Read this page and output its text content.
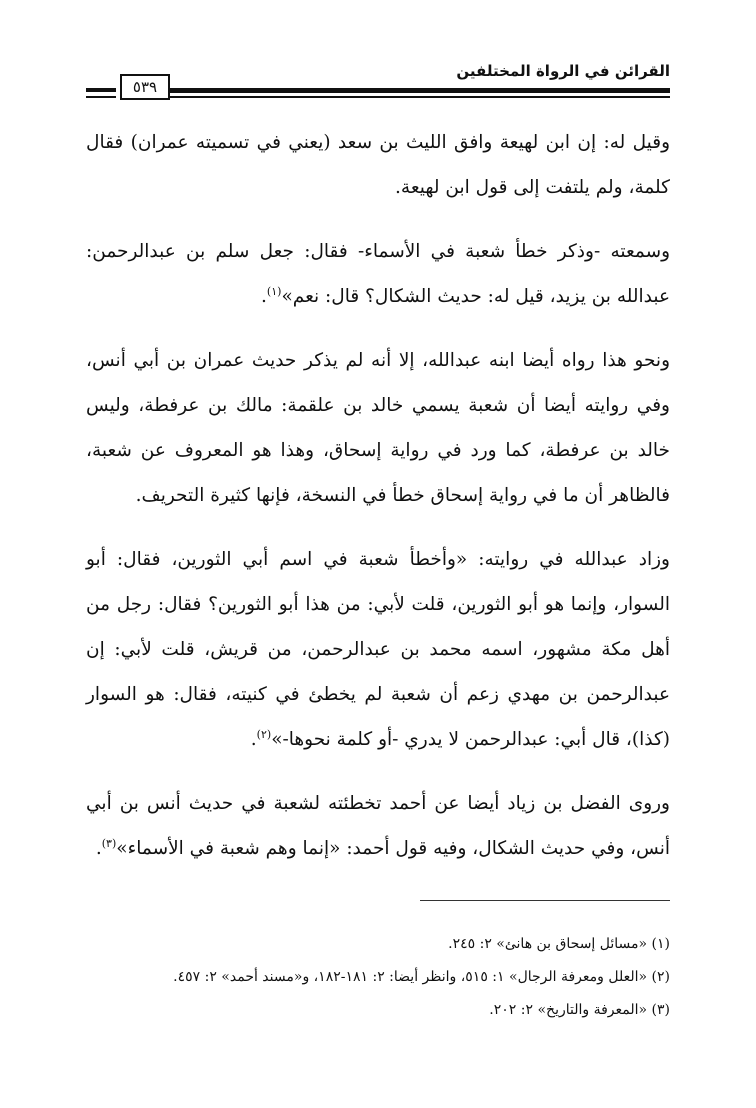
القرائن في الرواة المختلفين
٥٣٩

وقيل له: إن ابن لهيعة وافق الليث بن سعد (يعني في تسميته عمران) فقال كلمة، ولم يلتفت إلى قول ابن لهيعة.

وسمعته -وذكر خطأ شعبة في الأسماء- فقال: جعل سلم بن عبدالرحمن: عبدالله بن يزيد، قيل له: حديث الشكال؟ قال: نعم»$^{(١)}$.

ونحو هذا رواه أيضا ابنه عبدالله، إلا أنه لم يذكر حديث عمران بن أبي أنس، وفي روايته أيضا أن شعبة يسمي خالد بن علقمة: مالك بن عرفطة، وليس خالد بن عرفطة، كما ورد في رواية إسحاق، وهذا هو المعروف عن شعبة، فالظاهر أن ما في رواية إسحاق خطأ في النسخة، فإنها كثيرة التحريف.

وزاد عبدالله في روايته: «وأخطأ شعبة في اسم أبي الثورين، فقال: أبو السوار، وإنما هو أبو الثورين، قلت لأبي: من هذا أبو الثورين؟ فقال: رجل من أهل مكة مشهور، اسمه محمد بن عبدالرحمن، من قريش، قلت لأبي: إن عبدالرحمن بن مهدي زعم أن شعبة لم يخطئ في كنيته، فقال: هو السوار (كذا)، قال أبي: عبدالرحمن لا يدري -أو كلمة نحوها-»$^{(٢)}$.

وروى الفضل بن زياد أيضا عن أحمد تخطئته لشعبة في حديث أنس بن أبي أنس، وفي حديث الشكال، وفيه قول أحمد: «إنما وهم شعبة في الأسماء»$^{(٣)}$.

(١) «مسائل إسحاق بن هانئ» ٢: ٢٤٥.

(٢) «العلل ومعرفة الرجال» ١: ٥١٥، وانظر أيضا: ٢: ١٨١-١٨٢، و«مسند أحمد» ٢: ٤٥٧.

(٣) «المعرفة والتاريخ» ٢: ٢٠٢.
